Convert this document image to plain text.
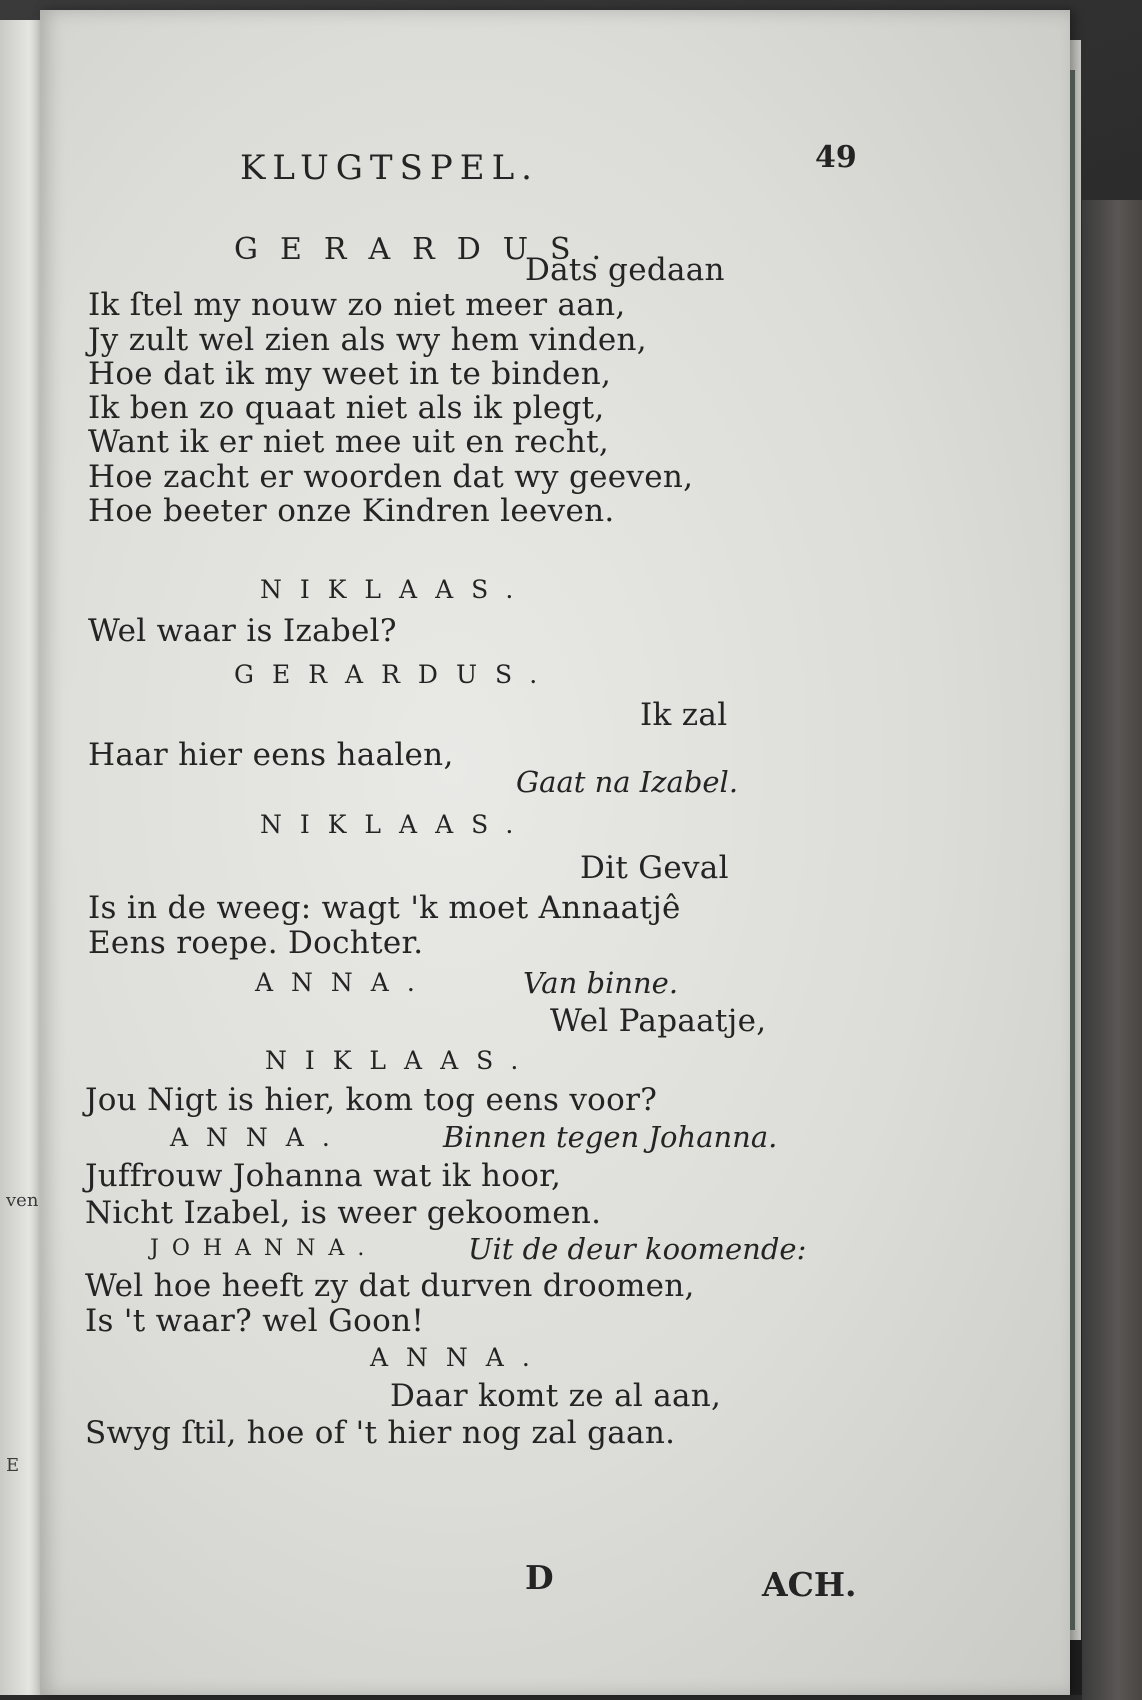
ven
E
KLUGTSPEL.	49
GERARDUS.
Dats gedaan
Ik ſtel my nouw zo niet meer aan,
Jy zult wel zien als wy hem vinden,
Hoe dat ik my weet in te binden,
Ik ben zo quaat niet als ik plegt,
Want ik er niet mee uit en recht,
Hoe zacht er woorden dat wy geeven,
Hoe beeter onze Kindren leeven.
NIKLAAS.
Wel waar is Izabel?
GERARDUS.
Ik zal
Haar hier eens haalen,
Gaat na Izabel.
NIKLAAS.
Dit Geval
Is in de weeg: wagt 'k moet Annaatjê
Eens roepe. Dochter.
ANNA.	Van binne.
Wel Papaatje,
NIKLAAS.
Jou Nigt is hier, kom tog eens voor?
ANNA.	Binnen tegen Johanna.
Juffrouw Johanna wat ik hoor,
Nicht Izabel, is weer gekoomen.
JOHANNA.	Uit de deur koomende:
Wel hoe heeft zy dat durven droomen,
Is 't waar? wel Goon!
ANNA.
Daar komt ze al aan,
Swyg ſtil, hoe of 't hier nog zal gaan.
D	ACH.
